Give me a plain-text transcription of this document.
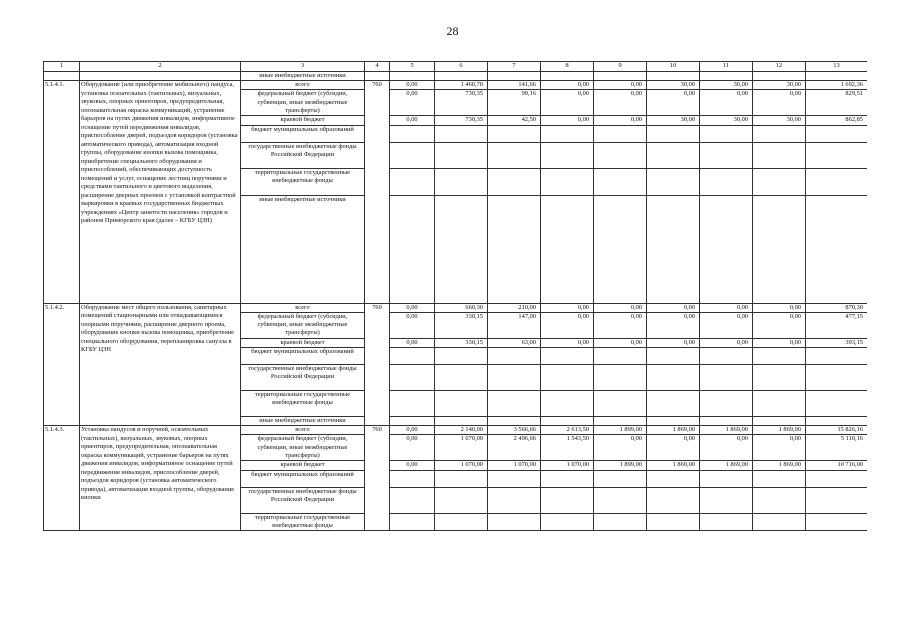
28
1	2	3	4	5	6	7	8	9	10	11	12	13
		иные внебюджетные источники										
5.1.4.1.	Оборудование (или приобретение мобильного) пандуса, установка осязательных (тактильных), визуальных, звуковых, опорных ориентиров, предупредительная, опознавательная окраска коммуникаций, устранение барьеров на путях движения инвалидов, информативное оснащение путей передвижения инвалидов, приспособление дверей, подъездов коридоров (установка автоматического привода), автоматизация входной группы, оборудование кнопки вызова помощника, приобретение специального оборудования и приспособлений, обеспечивающих доступность помещений и услуг, оснащение лестниц поручнями и средствами тактильного и цветового выделения, расширение дверных проемов с установкой контрастной маркировки в краевых государственных бюджетных учреждениях «Центр занятости населения» городов и районов Приморского края (далее – КГБУ ЦЗН)	всего	760	0,00	1 460,70	141,66	0,00	0,00	30,00	30,00	30,00	1 692,36
		федеральный бюджет (субсидии, субвенции, иные межбюджетные трансферты)		0,00	730,35	99,16	0,00	0,00	0,00	0,00	0,00	829,51
		краевой бюджет		0,00	730,35	42,50	0,00	0,00	30,00	30,00	30,00	862,85
		бюджет муниципальных образований										
		государственные внебюджетные фонды Российской Федерации										
		территориальные государственные внебюджетные фонды										
		иные внебюджетные источники										
5.1.4.2.	Оборудование мест общего пользования, санитарных помещений стационарными или откидывающимися опорными поручнями, расширение дверного проема, оборудование кнопки вызова помощника, приобретение специального оборудования, перепланировка санузла в КГБУ ЦЗН	всего	760	0,00	660,30	210,00	0,00	0,00	0,00	0,00	0,00	870,30
		федеральный бюджет (субсидии, субвенции, иные межбюджетные трансферты)		0,00	330,15	147,00	0,00	0,00	0,00	0,00	0,00	477,15
		краевой бюджет		0,00	330,15	63,00	0,00	0,00	0,00	0,00	0,00	393,15
		бюджет муниципальных образований										
		государственные внебюджетные фонды Российской Федерации										
		территориальные государственные внебюджетные фонды										
		иные внебюджетные источники										
5.1.4.3.	Установка пандусов и поручней, осязательных (тактильных), визуальных, звуковых, опорных ориентиров, предупредительная, опознавательная окраска коммуникаций, устранение барьеров на путях движения инвалидов, информативное оснащение путей передвижения инвалидов, приспособление дверей, подъездов коридоров (установка автоматического привода), автоматизация входной группы, оборудование кнопки	всего	760	0,00	2 140,00	3 566,66	2 613,50	1 899,00	1 869,00	1 869,00	1 869,00	15 826,16
		федеральный бюджет (субсидии, субвенции, иные межбюджетные трансферты)		0,00	1 070,00	2 496,66	1 543,50	0,00	0,00	0,00	0,00	5 110,16
		краевой бюджет		0,00	1 070,00	1 070,00	1 070,00	1 899,00	1 869,00	1 869,00	1 869,00	10 716,00
		бюджет муниципальных образований										
		государственные внебюджетные фонды Российской Федерации										
		территориальные государственные внебюджетные фонды										
